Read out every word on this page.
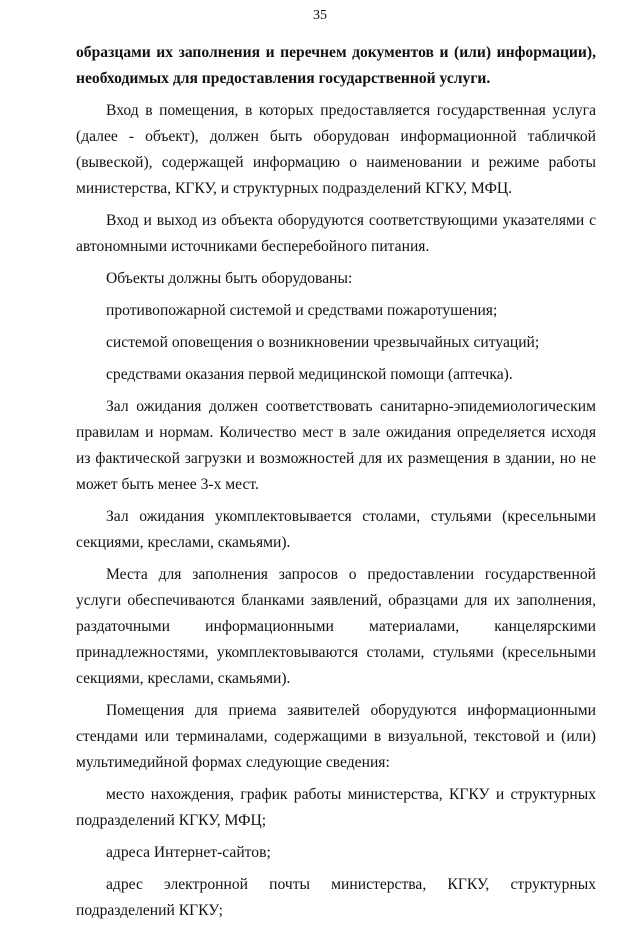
35

образцами их заполнения и перечнем документов и (или) информации), необходимых для предоставления государственной услуги.

Вход в помещения, в которых предоставляется государственная услуга (далее - объект), должен быть оборудован информационной табличкой (вывеской), содержащей информацию о наименовании и режиме работы министерства, КГКУ, и структурных подразделений КГКУ, МФЦ.

Вход и выход из объекта оборудуются соответствующими указателями с автономными источниками бесперебойного питания.

Объекты должны быть оборудованы:

противопожарной системой и средствами пожаротушения;

системой оповещения о возникновении чрезвычайных ситуаций;

средствами оказания первой медицинской помощи (аптечка).

Зал ожидания должен соответствовать санитарно-эпидемиологическим правилам и нормам. Количество мест в зале ожидания определяется исходя из фактической загрузки и возможностей для их размещения в здании, но не может быть менее 3-х мест.

Зал ожидания укомплектовывается столами, стульями (кресельными секциями, креслами, скамьями).

Места для заполнения запросов о предоставлении государственной услуги обеспечиваются бланками заявлений, образцами для их заполнения, раздаточными информационными материалами, канцелярскими принадлежностями, укомплектовываются столами, стульями (кресельными секциями, креслами, скамьями).

Помещения для приема заявителей оборудуются информационными стендами или терминалами, содержащими в визуальной, текстовой и (или) мультимедийной формах следующие сведения:

место нахождения, график работы министерства, КГКУ и структурных подразделений КГКУ, МФЦ;

адреса Интернет-сайтов;

адрес электронной почты министерства, КГКУ, структурных подразделений КГКУ;
